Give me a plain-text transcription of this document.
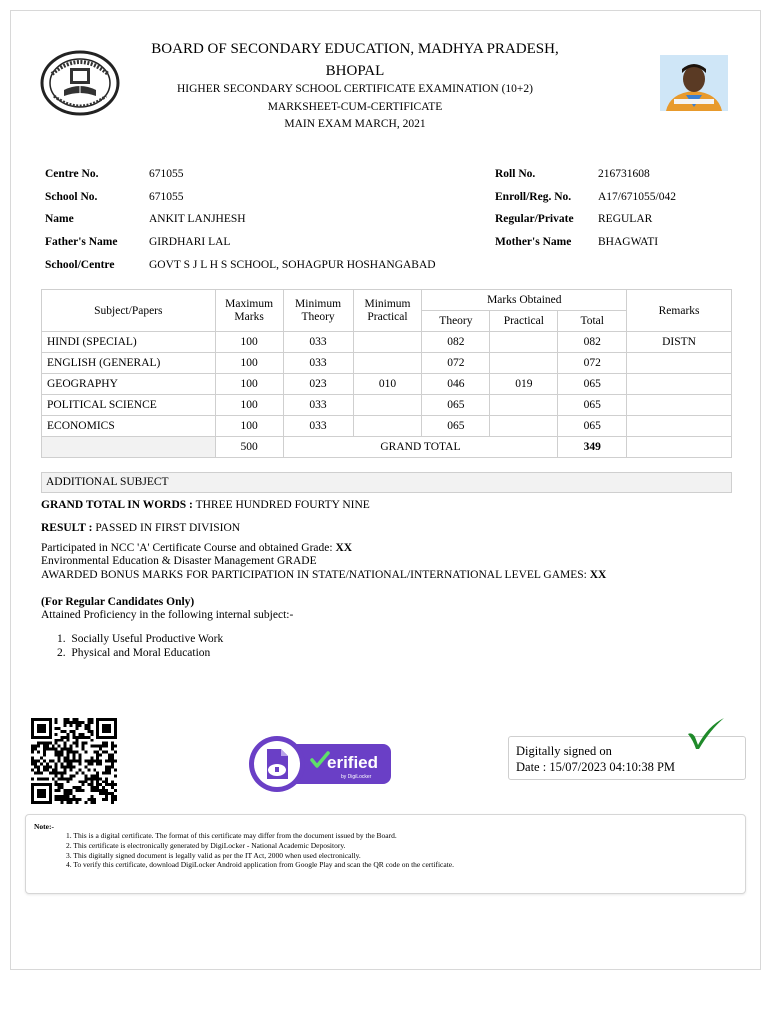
BOARD OF SECONDARY EDUCATION, MADHYA PRADESH,
BHOPAL
HIGHER SECONDARY SCHOOL CERTIFICATE EXAMINATION (10+2)
MARKSHEET-CUM-CERTIFICATE
MAIN EXAM MARCH, 2021
Centre No.	671055
School No.	671055
Name	ANKIT LANJHESH
Father's Name	GIRDHARI LAL
School/Centre	GOVT S J L H S SCHOOL, SOHAGPUR HOSHANGABAD
Roll No.	216731608
Enroll/Reg. No. A17/671055/042
Regular/Private REGULAR
Mother's Name BHAGWATI
Subject/Papers	Maximum Marks	Minimum Theory	Minimum Practical	Marks Obtained			Remarks
				Theory	Practical	Total	
HINDI (SPECIAL)	100	033		082		082	DISTN
ENGLISH (GENERAL)	100	033		072		072	
GEOGRAPHY	100	023	010	046	019	065	
POLITICAL SCIENCE	100	033		065		065	
ECONOMICS	100	033		065		065	
	500	GRAND TOTAL				349	
ADDITIONAL SUBJECT
GRAND TOTAL IN WORDS : THREE HUNDRED FOURTY NINE
RESULT : PASSED IN FIRST DIVISION
Participated in NCC 'A' Certificate Course and obtained Grade: XX
Environmental Education & Disaster Management GRADE
AWARDED BONUS MARKS FOR PARTICIPATION IN STATE/NATIONAL/INTERNATIONAL LEVEL GAMES: XX
(For Regular Candidates Only)
Attained Proficiency in the following internal subject:-
1.  Socially Useful Productive Work
2.  Physical and Moral Education
erified
by DigiLocker
Digitally signed on
Date : 15/07/2023 04:10:38 PM
Note:-
1. This is a digital certificate. The format of this certificate may differ from the document issued by the Board.
2. This certificate is electronically generated by DigiLocker - National Academic Depository.
3. This digitally signed document is legally valid as per the IT Act, 2000 when used electronically.
4. To verify this certificate, download DigiLocker Android application from Google Play and scan the QR code on the certificate.
